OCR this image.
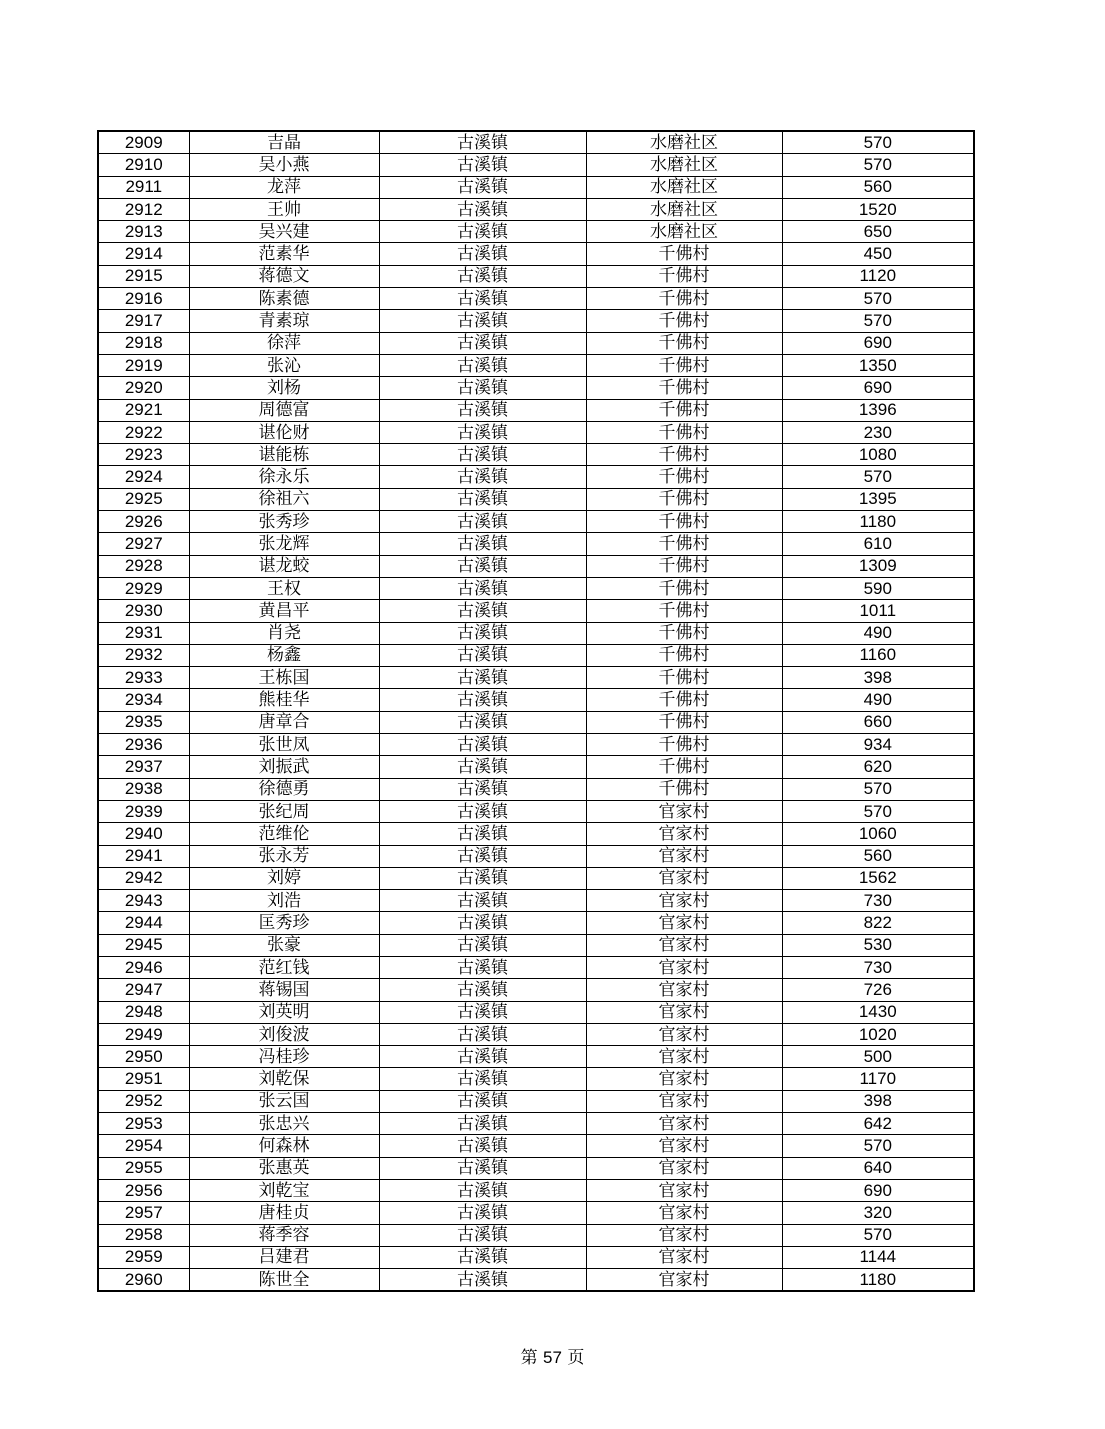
2909	吉晶	古溪镇	水磨社区	570
2910	吴小燕	古溪镇	水磨社区	570
2911	龙萍	古溪镇	水磨社区	560
2912	王帅	古溪镇	水磨社区	1520
2913	吴兴建	古溪镇	水磨社区	650
2914	范素华	古溪镇	千佛村	450
2915	蒋德文	古溪镇	千佛村	1120
2916	陈素德	古溪镇	千佛村	570
2917	青素琼	古溪镇	千佛村	570
2918	徐萍	古溪镇	千佛村	690
2919	张沁	古溪镇	千佛村	1350
2920	刘杨	古溪镇	千佛村	690
2921	周德富	古溪镇	千佛村	1396
2922	谌伦财	古溪镇	千佛村	230
2923	谌能栋	古溪镇	千佛村	1080
2924	徐永乐	古溪镇	千佛村	570
2925	徐祖六	古溪镇	千佛村	1395
2926	张秀珍	古溪镇	千佛村	1180
2927	张龙辉	古溪镇	千佛村	610
2928	谌龙蛟	古溪镇	千佛村	1309
2929	王权	古溪镇	千佛村	590
2930	黄昌平	古溪镇	千佛村	1011
2931	肖尧	古溪镇	千佛村	490
2932	杨鑫	古溪镇	千佛村	1160
2933	王栋国	古溪镇	千佛村	398
2934	熊桂华	古溪镇	千佛村	490
2935	唐章合	古溪镇	千佛村	660
2936	张世凤	古溪镇	千佛村	934
2937	刘振武	古溪镇	千佛村	620
2938	徐德勇	古溪镇	千佛村	570
2939	张纪周	古溪镇	官家村	570
2940	范维伦	古溪镇	官家村	1060
2941	张永芳	古溪镇	官家村	560
2942	刘婷	古溪镇	官家村	1562
2943	刘浩	古溪镇	官家村	730
2944	匡秀珍	古溪镇	官家村	822
2945	张豪	古溪镇	官家村	530
2946	范红钱	古溪镇	官家村	730
2947	蒋锡国	古溪镇	官家村	726
2948	刘英明	古溪镇	官家村	1430
2949	刘俊波	古溪镇	官家村	1020
2950	冯桂珍	古溪镇	官家村	500
2951	刘乾保	古溪镇	官家村	1170
2952	张云国	古溪镇	官家村	398
2953	张忠兴	古溪镇	官家村	642
2954	何森林	古溪镇	官家村	570
2955	张惠英	古溪镇	官家村	640
2956	刘乾宝	古溪镇	官家村	690
2957	唐桂贞	古溪镇	官家村	320
2958	蒋季容	古溪镇	官家村	570
2959	吕建君	古溪镇	官家村	1144
2960	陈世全	古溪镇	官家村	1180
第 57 页
